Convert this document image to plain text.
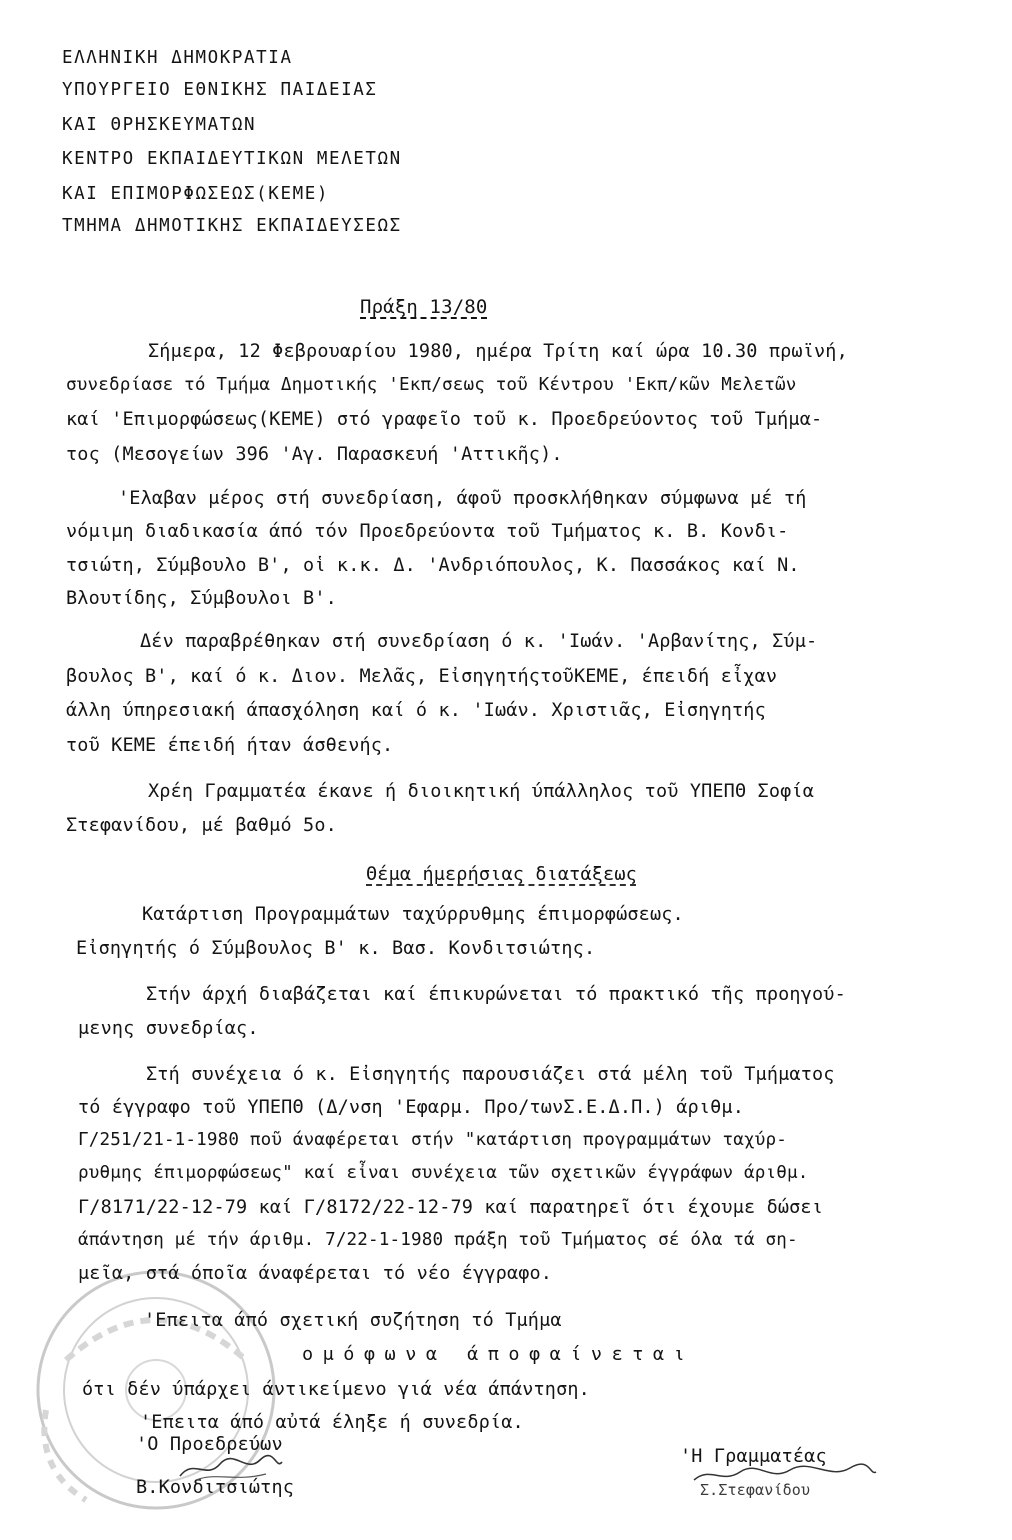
ΕΛΛΗΝΙΚΗ ΔΗΜΟΚΡΑΤΙΑ
ΥΠΟΥΡΓΕΙΟ ΕΘΝΙΚΗΣ ΠΑΙΔΕΙΑΣ
ΚΑΙ ΘΡΗΣΚΕΥΜΑΤΩΝ
ΚΕΝΤΡΟ ΕΚΠΑΙΔΕΥΤΙΚΩΝ ΜΕΛΕΤΩΝ
ΚΑΙ ΕΠΙΜΟΡΦΩΣΕΩΣ(ΚΕΜΕ)
ΤΜΗΜΑ ΔΗΜΟΤΙΚΗΣ ΕΚΠΑΙΔΕΥΣΕΩΣ
Πράξη 13/80
Σήμερα, 12 Φεβρουαρίου 1980, ημέρα Τρίτη καί ώρα 10.30 πρωϊνή,
συνεδρίασε τό Τμήμα Δημοτικής 'Εκπ/σεως τοῦ Κέντρου 'Εκπ/κῶν Μελετῶν
καί 'Επιμορφώσεως(ΚΕΜΕ) στό γραφεῖο τοῦ κ. Προεδρεύοντος τοῦ Τμήμα-
τος (Μεσογείων 396 'Αγ. Παρασκευή 'Αττικῆς).
'Ελαβαν μέρος στή συνεδρίαση, άφοῦ προσκλήθηκαν σύμφωνα μέ τή
νόμιμη διαδικασία άπό τόν Προεδρεύοντα τοῦ Τμήματος κ. Β. Κονδι-
τσιώτη, Σύμβουλο Β', οἱ κ.κ. Δ. 'Ανδριόπουλος, Κ. Πασσάκος καί Ν.
Βλουτίδης, Σύμβουλοι Β'.
Δέν παραβρέθηκαν στή συνεδρίαση ό κ. 'Ιωάν. 'Αρβανίτης, Σύμ-
βουλος Β', καί ό κ. Διον. Μελᾶς, ΕἰσηγητήςτοῦΚΕΜΕ, έπειδή εἶχαν
άλλη ύπηρεσιακή άπασχόληση καί ό κ. 'Ιωάν. Χριστιᾶς, Εἰσηγητής
τοῦ ΚΕΜΕ έπειδή ήταν άσθενής.
Χρέη Γραμματέα έκανε ή διοικητική ύπάλληλος τοῦ ΥΠΕΠΘ Σοφία
Στεφανίδου, μέ βαθμό 5ο.
Θέμα ήμερήσιας διατάξεως
Κατάρτιση Προγραμμάτων ταχύρρυθμης έπιμορφώσεως.
Εἰσηγητής ό Σύμβουλος Β' κ. Βασ. Κονδιτσιώτης.
Στήν άρχή διαβάζεται καί έπικυρώνεται τό πρακτικό τῆς προηγού-
μενης συνεδρίας.
Στή συνέχεια ό κ. Εἰσηγητής παρουσιάζει στά μέλη τοῦ Τμήματος
τό έγγραφο τοῦ ΥΠΕΠΘ (Δ/νση 'Εφαρμ. Προ/τωνΣ.Ε.Δ.Π.) άριθμ.
Γ/251/21-1-1980 ποῦ άναφέρεται στήν "κατάρτιση προγραμμάτων ταχύρ-
ρυθμης έπιμορφώσεως" καί εἶναι συνέχεια τῶν σχετικῶν έγγράφων άριθμ.
Γ/8171/22-12-79 καί Γ/8172/22-12-79 καί παρατηρεῖ ότι έχουμε δώσει
άπάντηση μέ τήν άριθμ. 7/22-1-1980 πράξη τοῦ Τμήματος σέ όλα τά ση-
μεῖα, στά όποῖα άναφέρεται τό νέο έγγραφο.
'Επειτα άπό σχετική συζήτηση τό Τμήμα
ομόφωνα άποφαίνεται
ότι δέν ύπάρχει άντικείμενο γιά νέα άπάντηση.
'Επειτα άπό αὐτά έληξε ή συνεδρία.
'Ο Προεδρεύων
Β.Κονδιτσιώτης
'Η Γραμματέας
Σ.Στεφανίδου
